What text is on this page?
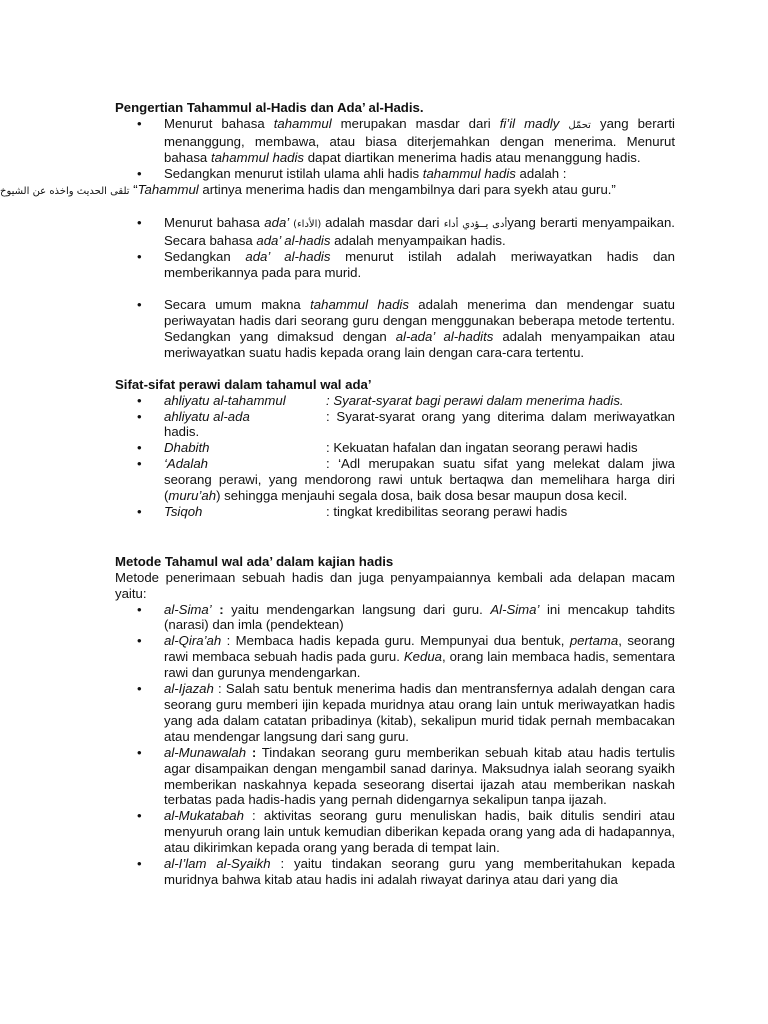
Pengertian Tahammul al-Hadis dan Ada’ al-Hadis.

• Menurut bahasa tahammul merupakan masdar dari fi’il madly تحمّل yang berarti menanggung, membawa, atau biasa diterjemahkan dengan menerima. Menurut bahasa tahammul hadis dapat diartikan menerima hadis atau menanggung hadis.
• Sedangkan menurut istilah ulama ahli hadis tahammul hadis adalah :

تلقى الحديث واخذه عن الشيوخ “Tahammul artinya menerima hadis dan mengambilnya dari para syekh atau guru.”

• Menurut bahasa ada’ (الأداء) adalah masdar dari أدى يــؤدي أداءyang berarti menyampaikan. Secara bahasa ada’ al-hadis adalah menyampaikan hadis.
• Sedangkan ada’ al-hadis menurut istilah adalah meriwayatkan hadis dan memberikannya pada para murid.
• Secara umum makna tahammul hadis adalah menerima dan mendengar suatu periwayatan hadis dari seorang guru dengan menggunakan beberapa metode tertentu. Sedangkan yang dimaksud dengan al-ada’ al-hadits adalah menyampaikan atau meriwayatkan suatu hadis kepada orang lain dengan cara-cara tertentu.

Sifat-sifat perawi dalam tahamul wal ada’

• ahliyatu al-tahammul	: Syarat-syarat bagi perawi dalam menerima hadis.
• ahliyatu al-ada	: Syarat-syarat orang yang diterima dalam meriwayatkan hadis.
• Dhabith	: Kekuatan hafalan dan ingatan seorang perawi hadis
• ‘Adalah	: ‘Adl merupakan suatu sifat yang melekat dalam jiwa seorang perawi, yang mendorong rawi untuk bertaqwa dan memelihara harga diri (muru’ah) sehingga menjauhi segala dosa, baik dosa besar maupun dosa kecil.
• Tsiqoh	: tingkat kredibilitas seorang perawi hadis

Metode Tahamul wal ada’ dalam kajian hadis

Metode penerimaan sebuah hadis dan juga penyampaiannya kembali ada delapan macam yaitu:

• al-Sima’ : yaitu mendengarkan langsung dari guru. Al-Sima’ ini mencakup tahdits (narasi) dan imla (pendektean)
• al-Qira’ah : Membaca hadis kepada guru. Mempunyai dua bentuk, pertama, seorang rawi membaca sebuah hadis pada guru. Kedua, orang lain membaca hadis, sementara rawi dan gurunya mendengarkan.
• al-Ijazah : Salah satu bentuk menerima hadis dan mentransfernya adalah dengan cara seorang guru memberi ijin kepada muridnya atau orang lain untuk meriwayatkan hadis yang ada dalam catatan pribadinya (kitab), sekalipun murid tidak pernah membacakan atau mendengar langsung dari sang guru.
• al-Munawalah : Tindakan seorang guru memberikan sebuah kitab atau hadis tertulis agar disampaikan dengan mengambil sanad darinya. Maksudnya ialah seorang syaikh memberikan naskahnya kepada seseorang disertai ijazah atau memberikan naskah terbatas pada hadis-hadis yang pernah didengarnya sekalipun tanpa ijazah.
• al-Mukatabah : aktivitas seorang guru menuliskan hadis, baik ditulis sendiri atau menyuruh orang lain untuk kemudian diberikan kepada orang yang ada di hadapannya, atau dikirimkan kepada orang yang berada di tempat lain.
• al-I’lam al-Syaikh : yaitu tindakan seorang guru yang memberitahukan kepada muridnya bahwa kitab atau hadis ini adalah riwayat darinya atau dari yang dia
